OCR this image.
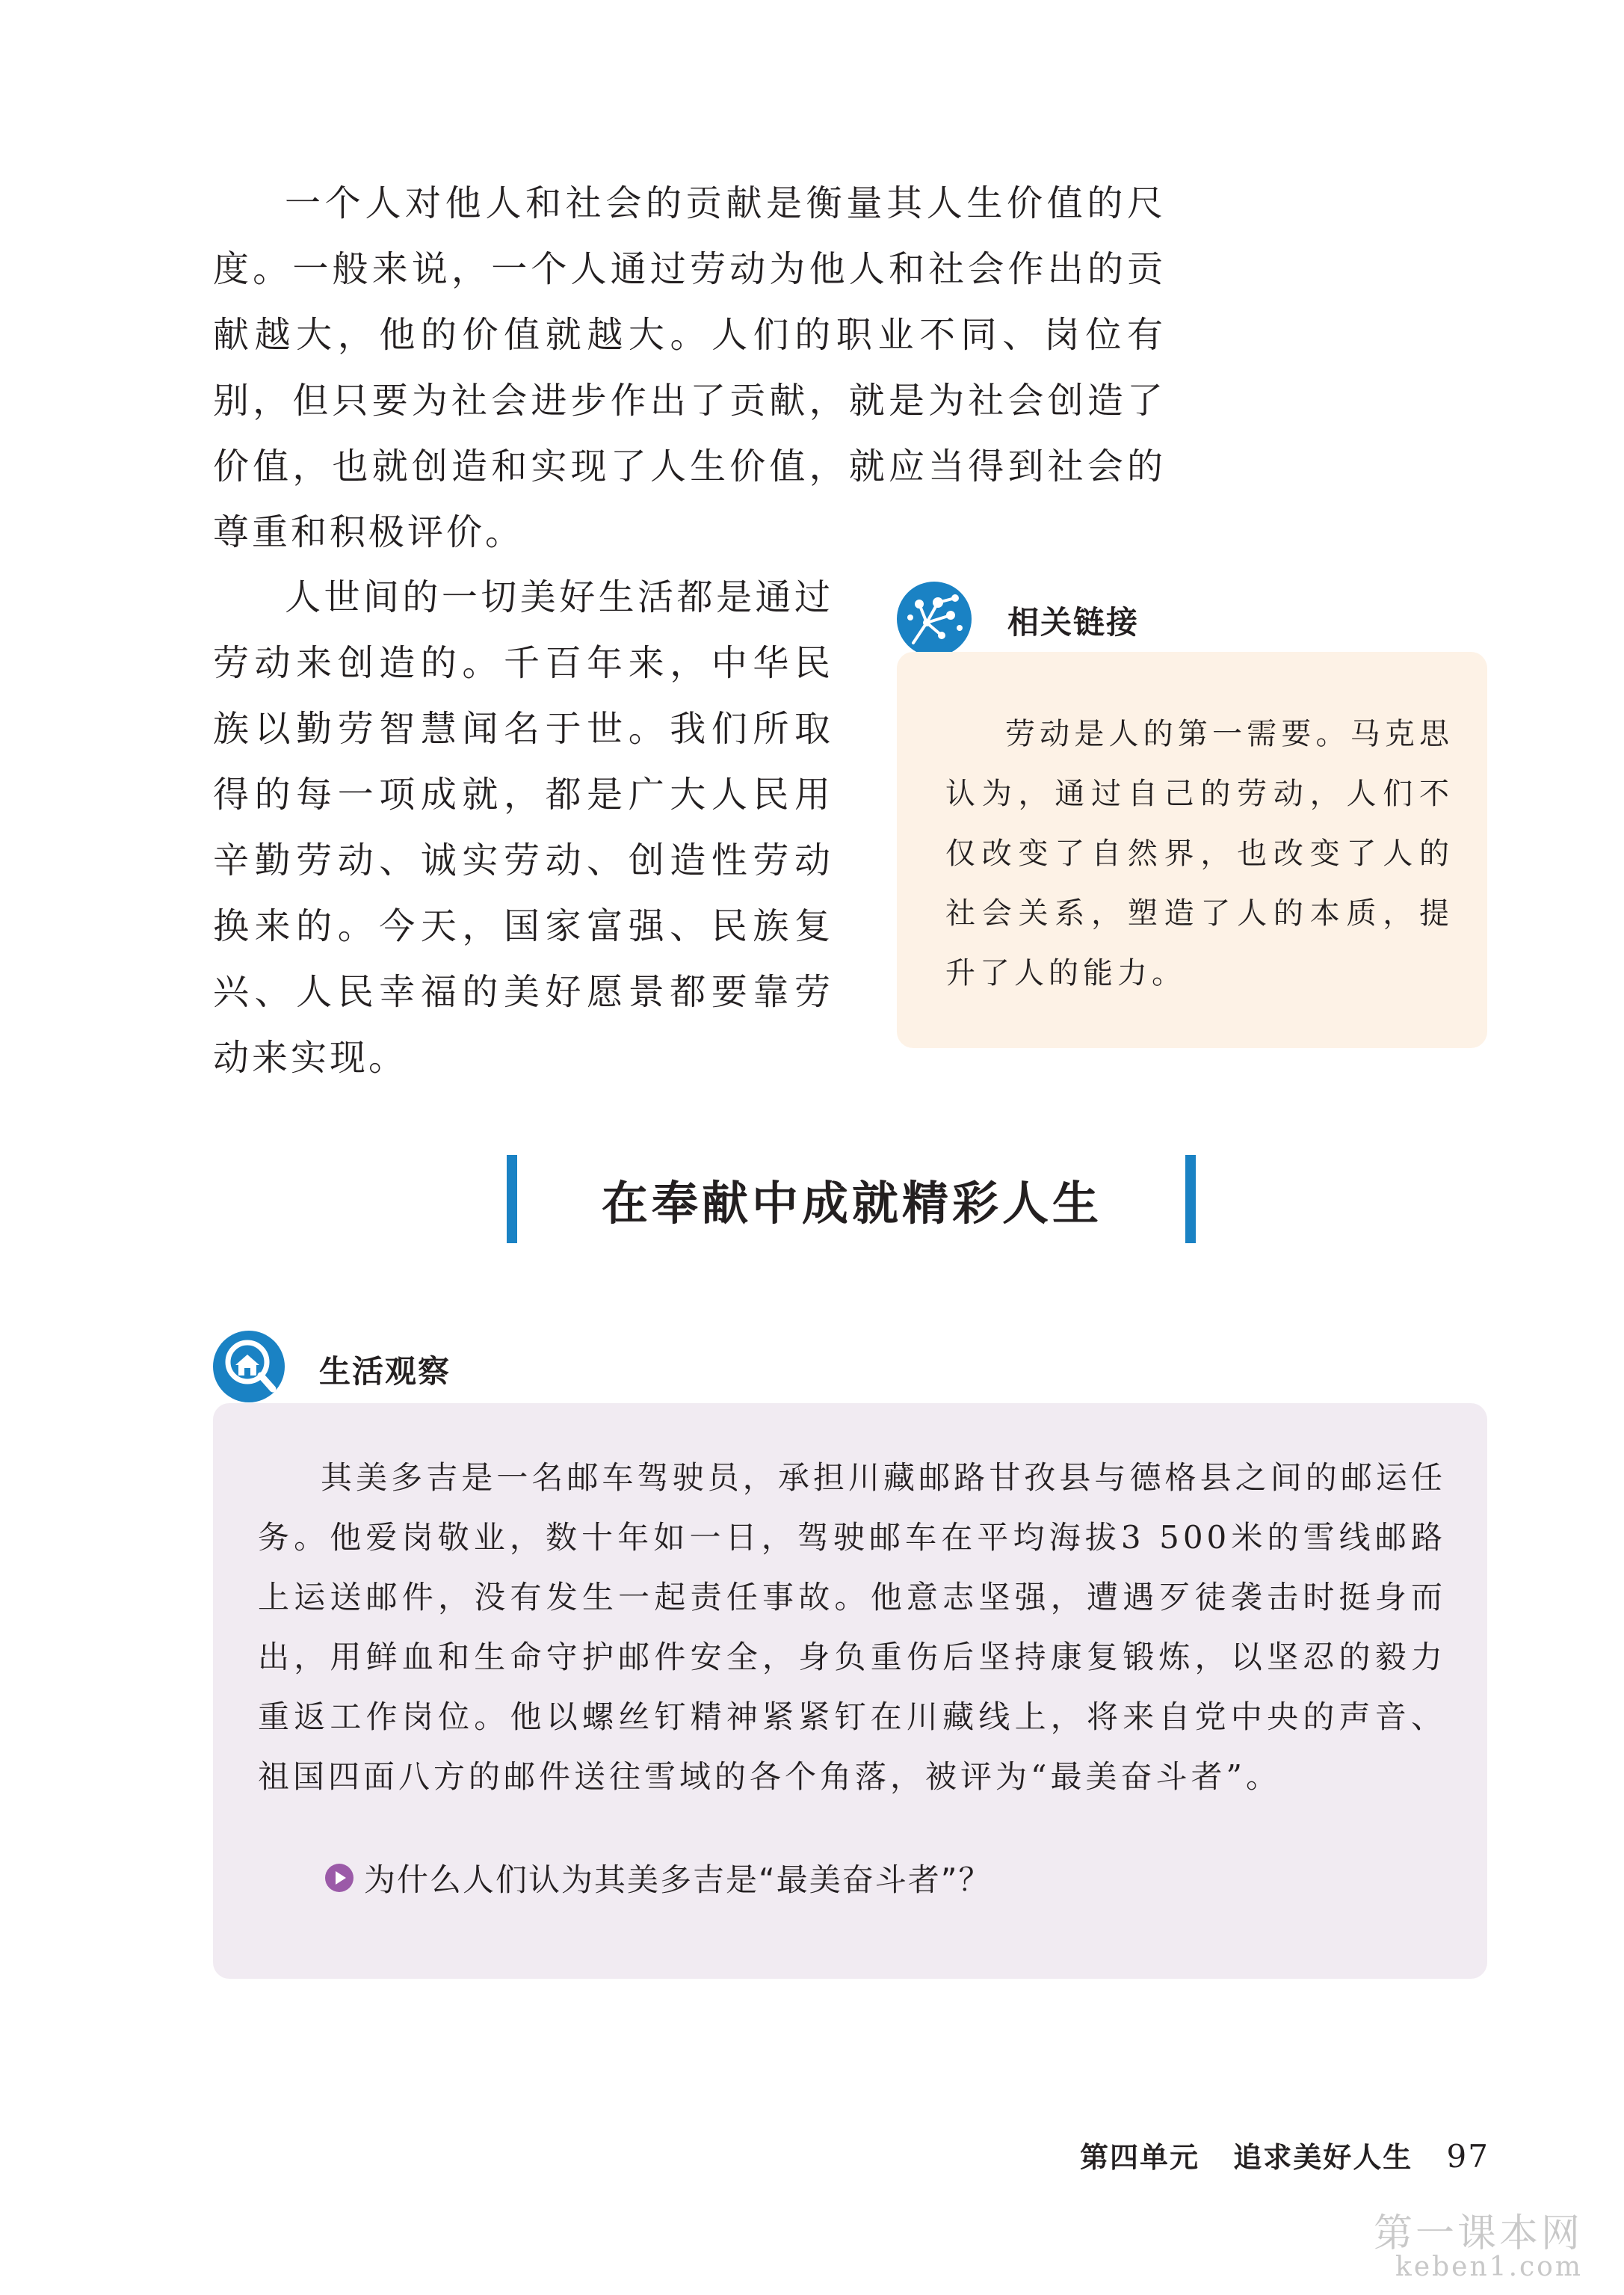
一个人对他人和社会的贡献是衡量其人生价值的尺度。一般来说，一个人通过劳动为他人和社会作出的贡献越大，他的价值就越大。人们的职业不同、岗位有别，但只要为社会进步作出了贡献，就是为社会创造了价值，也就创造和实现了人生价值，就应当得到社会的尊重和积极评价。

人世间的一切美好生活都是通过劳动来创造的。千百年来，中华民族以勤劳智慧闻名于世。我们所取得的每一项成就，都是广大人民用辛勤劳动、诚实劳动、创造性劳动换来的。今天，国家富强、民族复兴、人民幸福的美好愿景都要靠劳动来实现。

相关链接

劳动是人的第一需要。马克思认为，通过自己的劳动，人们不仅改变了自然界，也改变了人的社会关系，塑造了人的本质，提升了人的能力。

在奉献中成就精彩人生
生活观察

其美多吉是一名邮车驾驶员，承担川藏邮路甘孜县与德格县之间的邮运任务。他爱岗敬业，数十年如一日，驾驶邮车在平均海拔3 500米的雪线邮路上运送邮件，没有发生一起责任事故。他意志坚强，遭遇歹徒袭击时挺身而出，用鲜血和生命守护邮件安全，身负重伤后坚持康复锻炼，以坚忍的毅力重返工作岗位。他以螺丝钉精神紧紧钉在川藏线上，将来自党中央的声音、祖国四面八方的邮件送往雪域的各个角落，被评为“最美奋斗者”。

为什么人们认为其美多吉是“最美奋斗者”？
第四单元 追求美好人生 97
第一课本网
keben1.com
